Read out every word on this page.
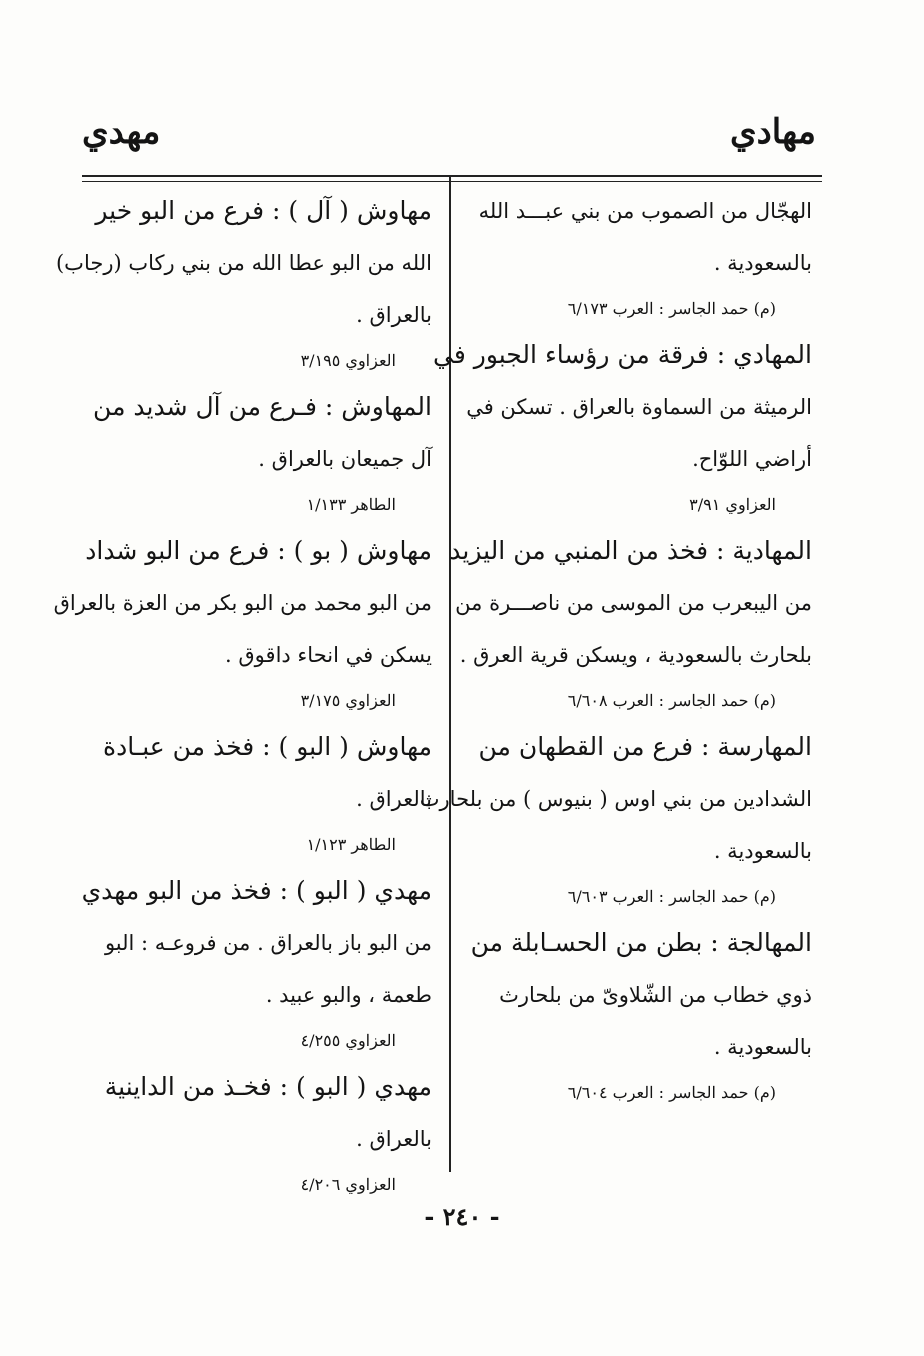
مهادي
مهدي
الهجّال من الصموب من بني عبـــد الله
بالسعودية .
(م) حمد الجاسر : العرب ٦/١٧٣
المهادي : فرقة من رؤساء الجبور في
الرميثة من السماوة بالعراق . تسكن في
أراضي اللوّاح.
العزاوي ٣/٩١
المهادية : فخذ من المنبي من اليزيد
من اليبعرب من الموسى من ناصـــرة من
بلحارث بالسعودية ، ويسكن قرية العرق .
(م) حمد الجاسر : العرب ٦/٦٠٨
المهارسة : فرع من القطهان من
الشدادين من بني اوس ( بنيوس ) من بلحارث
بالسعودية .
(م) حمد الجاسر : العرب ٦/٦٠٣
المهالجة : بطن من الحسـابلة من
ذوي خطاب من الشّلاوىّ من بلحارث
بالسعودية .
(م) حمد الجاسر : العرب ٦/٦٠٤
مهاوش ( آل ) : فرع من البو خير
الله من البو عطا الله من بني ركاب (رجاب)
بالعراق .
العزاوي ٣/١٩٥
المهاوش : فـرع من آل شديد من
آل جميعان بالعراق .
الطاهر ١/١٣٣
مهاوش ( بو ) : فرع من البو شداد
من البو محمد من البو بكر من العزة بالعراق
يسكن في انحاء داقوق .
العزاوي ٣/١٧٥
مهاوش ( البو ) : فخذ من عبـادة
بالعراق .
الطاهر ١/١٢٣
مهدي ( البو ) : فخذ من البو مهدي
من البو باز بالعراق . من فروعـه : البو
طعمة ، والبو عبيد .
العزاوي ٤/٢٥٥
مهدي ( البو ) : فخـذ من الداينية
بالعراق .
العزاوي ٤/٢٠٦
- ٢٤٠ -
